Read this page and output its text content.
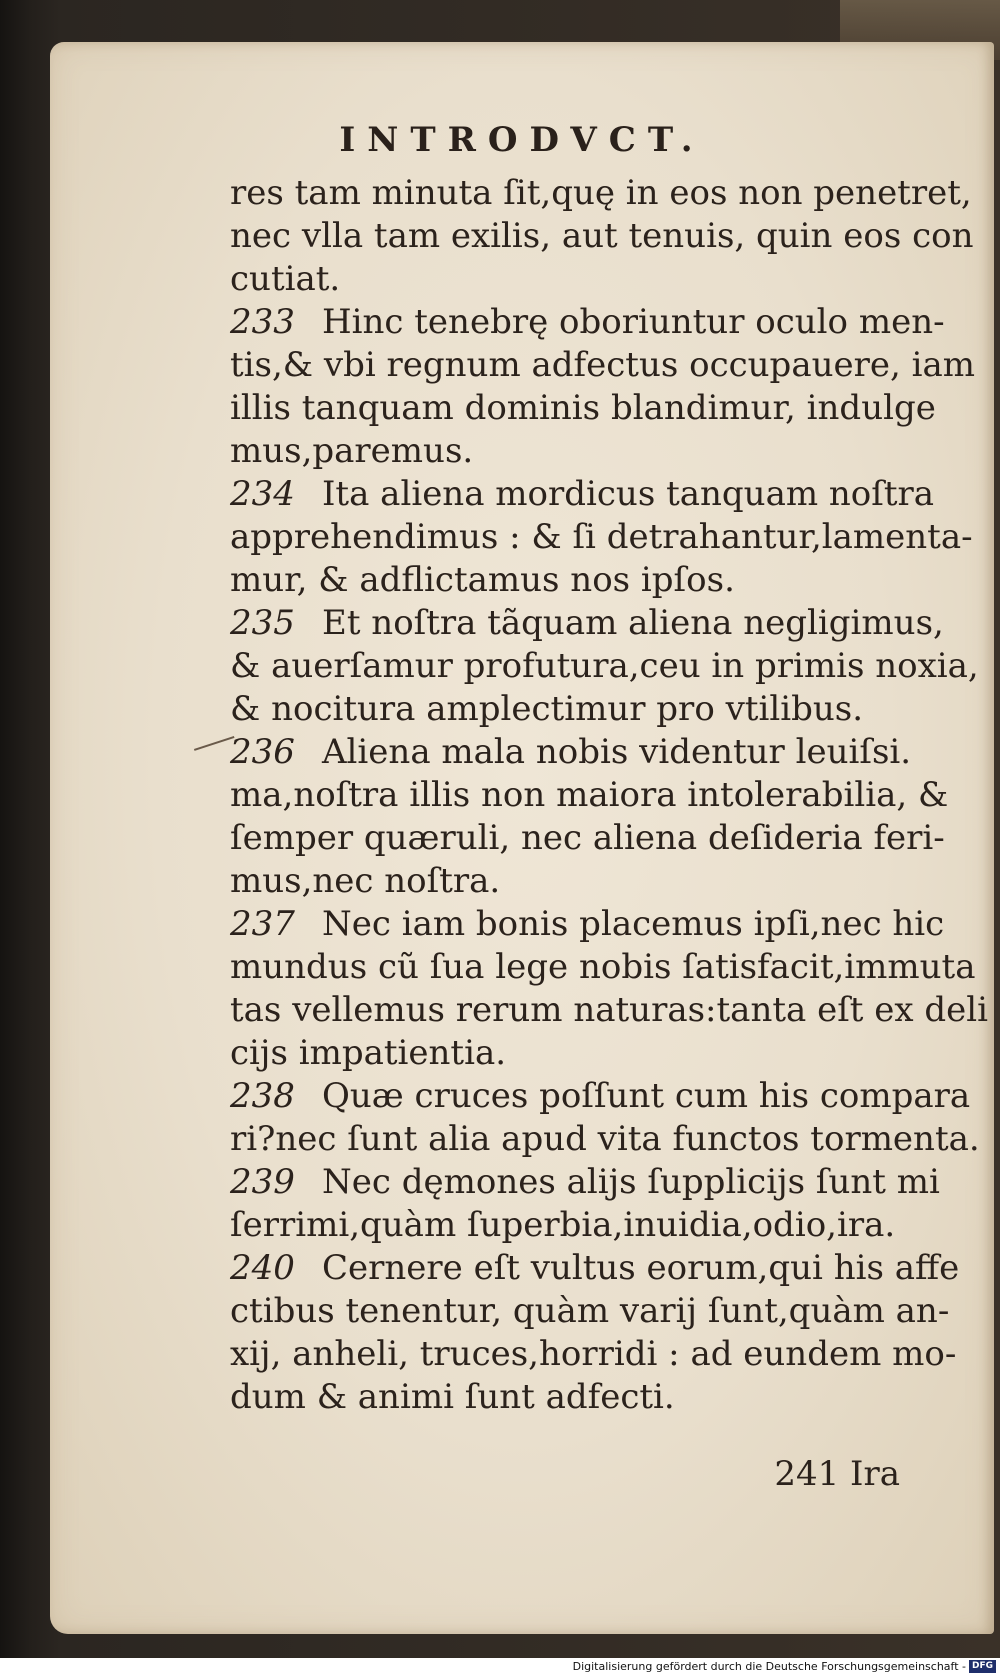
INTRODVCT.
res tam minuta ſit,quę in eos non penetret,
nec vlla tam exilis, aut tenuis, quin eos con
cutiat.
233 Hinc tenebrę oboriuntur oculo men-
tis,& vbi regnum adfectus occupauere, iam
illis tanquam dominis blandimur, indulge
mus,paremus.
234 Ita aliena mordicus tanquam noſtra
apprehendimus : & ſi detrahantur,lamenta-
mur, & adflictamus nos ipſos.
235 Et noſtra tãquam aliena negligimus,
& auerſamur profutura,ceu in primis noxia,
& nocitura amplectimur pro vtilibus.
236 Aliena mala nobis videntur leuiſsi.
ma,noſtra illis non maiora intolerabilia, &
ſemper quæruli, nec aliena deſideria feri-
mus,nec noſtra.
237 Nec iam bonis placemus ipſi,nec hic
mundus cũ ſua lege nobis ſatisfacit,immuta
tas vellemus rerum naturas:tanta eſt ex deli
cijs impatientia.
238 Quæ cruces poſſunt cum his compara
ri?nec ſunt alia apud vita functos tormenta.
239 Nec dęmones alijs ſupplicijs ſunt mi
ſerrimi,quàm ſuperbia,inuidia,odio,ira.
240 Cernere eſt vultus eorum,qui his affe
ctibus tenentur, quàm varij ſunt,quàm an-
xij, anheli, truces,horridi : ad eundem mo-
dum & animi ſunt adfecti.
241 Ira
Digitalisierung gefördert durch die Deutsche Forschungsgemeinschaft - DFG
